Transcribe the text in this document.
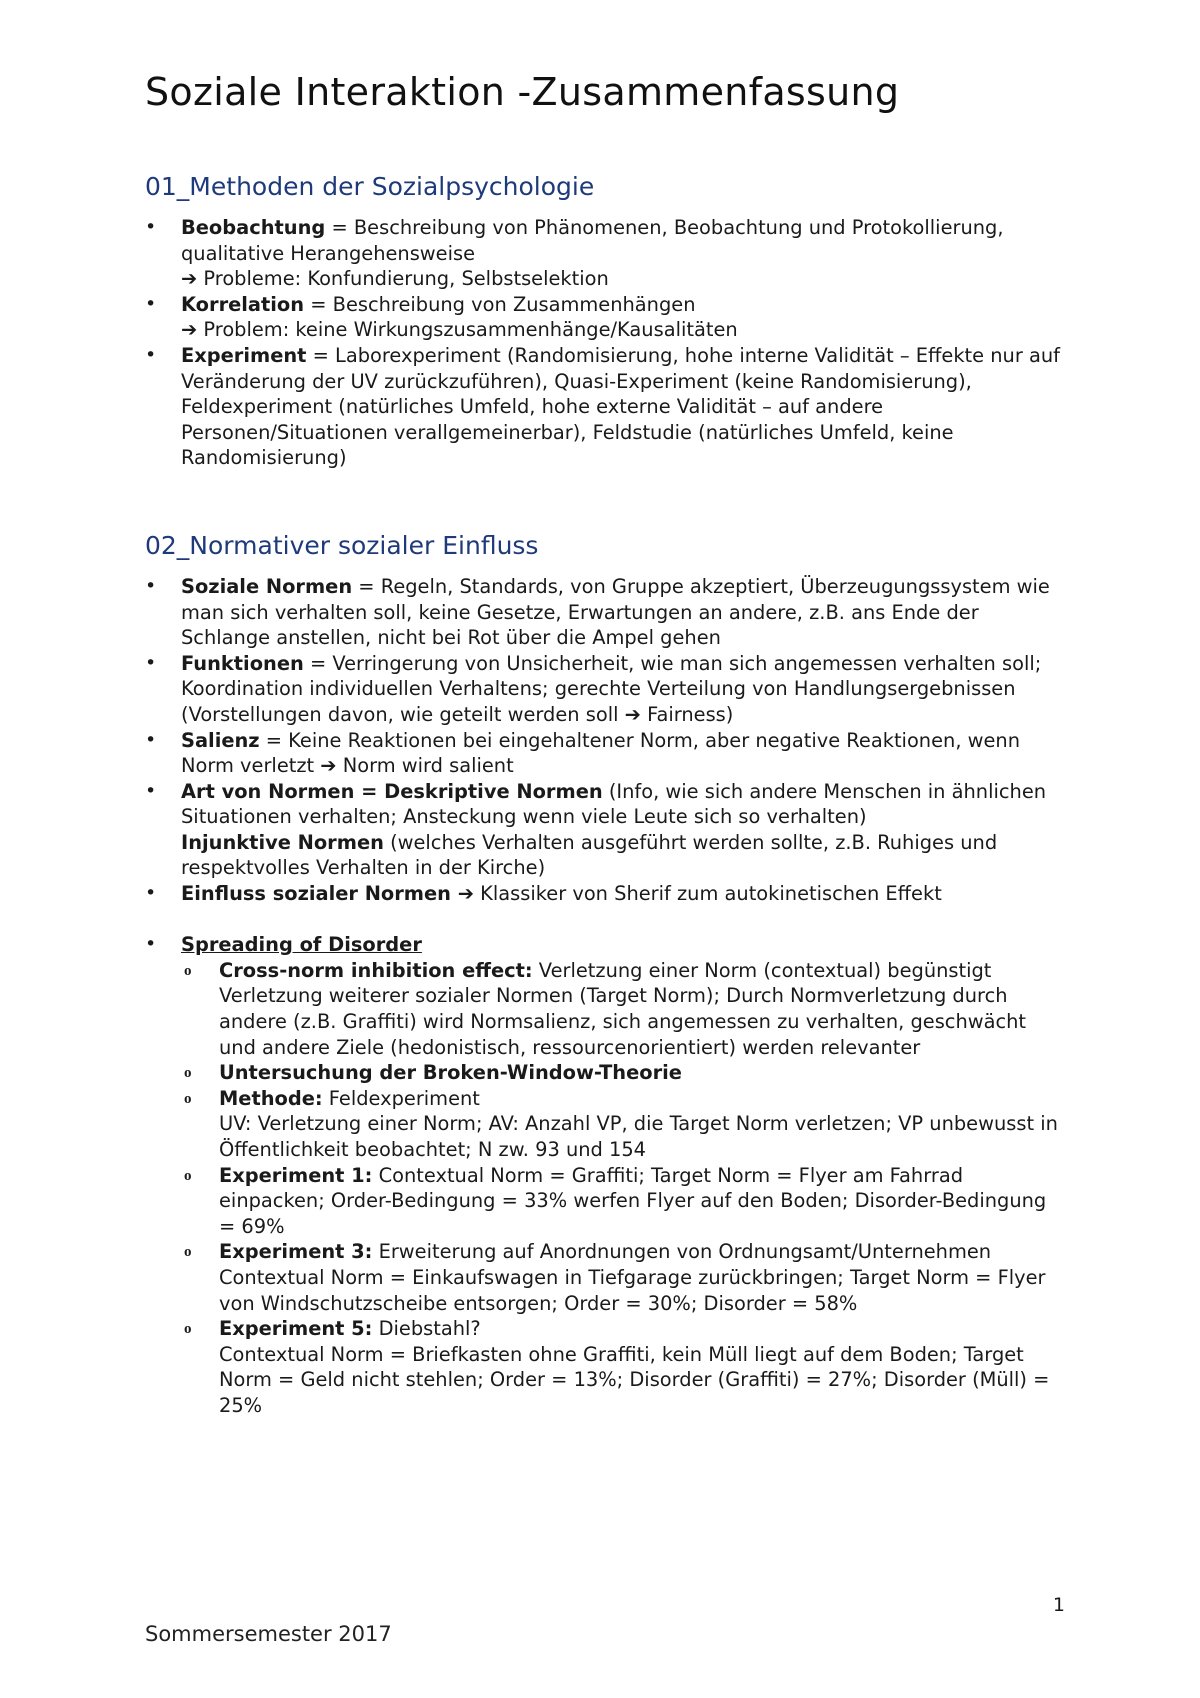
Soziale Interaktion -Zusammenfassung
01_Methoden der Sozialpsychologie
• Beobachtung = Beschreibung von Phänomenen, Beobachtung und Protokollierung, qualitative Herangehensweise
➔ Probleme: Konfundierung, Selbstselektion
• Korrelation = Beschreibung von Zusammenhängen
➔ Problem: keine Wirkungszusammenhänge/Kausalitäten
• Experiment = Laborexperiment (Randomisierung, hohe interne Validität – Effekte nur auf Veränderung der UV zurückzuführen), Quasi-Experiment (keine Randomisierung), Feldexperiment (natürliches Umfeld, hohe externe Validität – auf andere Personen/Situationen verallgemeinerbar), Feldstudie (natürliches Umfeld, keine Randomisierung)
02_Normativer sozialer Einfluss
• Soziale Normen = Regeln, Standards, von Gruppe akzeptiert, Überzeugungssystem wie man sich verhalten soll, keine Gesetze, Erwartungen an andere, z.B. ans Ende der Schlange anstellen, nicht bei Rot über die Ampel gehen
• Funktionen = Verringerung von Unsicherheit, wie man sich angemessen verhalten soll; Koordination individuellen Verhaltens; gerechte Verteilung von Handlungsergebnissen (Vorstellungen davon, wie geteilt werden soll ➔ Fairness)
• Salienz = Keine Reaktionen bei eingehaltener Norm, aber negative Reaktionen, wenn Norm verletzt ➔ Norm wird salient
• Art von Normen = Deskriptive Normen (Info, wie sich andere Menschen in ähnlichen Situationen verhalten; Ansteckung wenn viele Leute sich so verhalten)
Injunktive Normen (welches Verhalten ausgeführt werden sollte, z.B. Ruhiges und respektvolles Verhalten in der Kirche)
• Einfluss sozialer Normen ➔ Klassiker von Sherif zum autokinetischen Effekt
• Spreading of Disorder
o Cross-norm inhibition effect: Verletzung einer Norm (contextual) begünstigt Verletzung weiterer sozialer Normen (Target Norm); Durch Normverletzung durch andere (z.B. Graffiti) wird Normsalienz, sich angemessen zu verhalten, geschwächt und andere Ziele (hedonistisch, ressourcenorientiert) werden relevanter
o Untersuchung der Broken-Window-Theorie
o Methode: Feldexperiment
UV: Verletzung einer Norm; AV: Anzahl VP, die Target Norm verletzen; VP unbewusst in Öffentlichkeit beobachtet; N zw. 93 und 154
o Experiment 1: Contextual Norm = Graffiti; Target Norm = Flyer am Fahrrad einpacken; Order-Bedingung = 33% werfen Flyer auf den Boden; Disorder-Bedingung = 69%
o Experiment 3: Erweiterung auf Anordnungen von Ordnungsamt/Unternehmen
Contextual Norm = Einkaufswagen in Tiefgarage zurückbringen; Target Norm = Flyer von Windschutzscheibe entsorgen; Order = 30%; Disorder = 58%
o Experiment 5: Diebstahl?
Contextual Norm = Briefkasten ohne Graffiti, kein Müll liegt auf dem Boden; Target Norm = Geld nicht stehlen; Order = 13%; Disorder (Graffiti) = 27%; Disorder (Müll) = 25%
1
Sommersemester 2017
